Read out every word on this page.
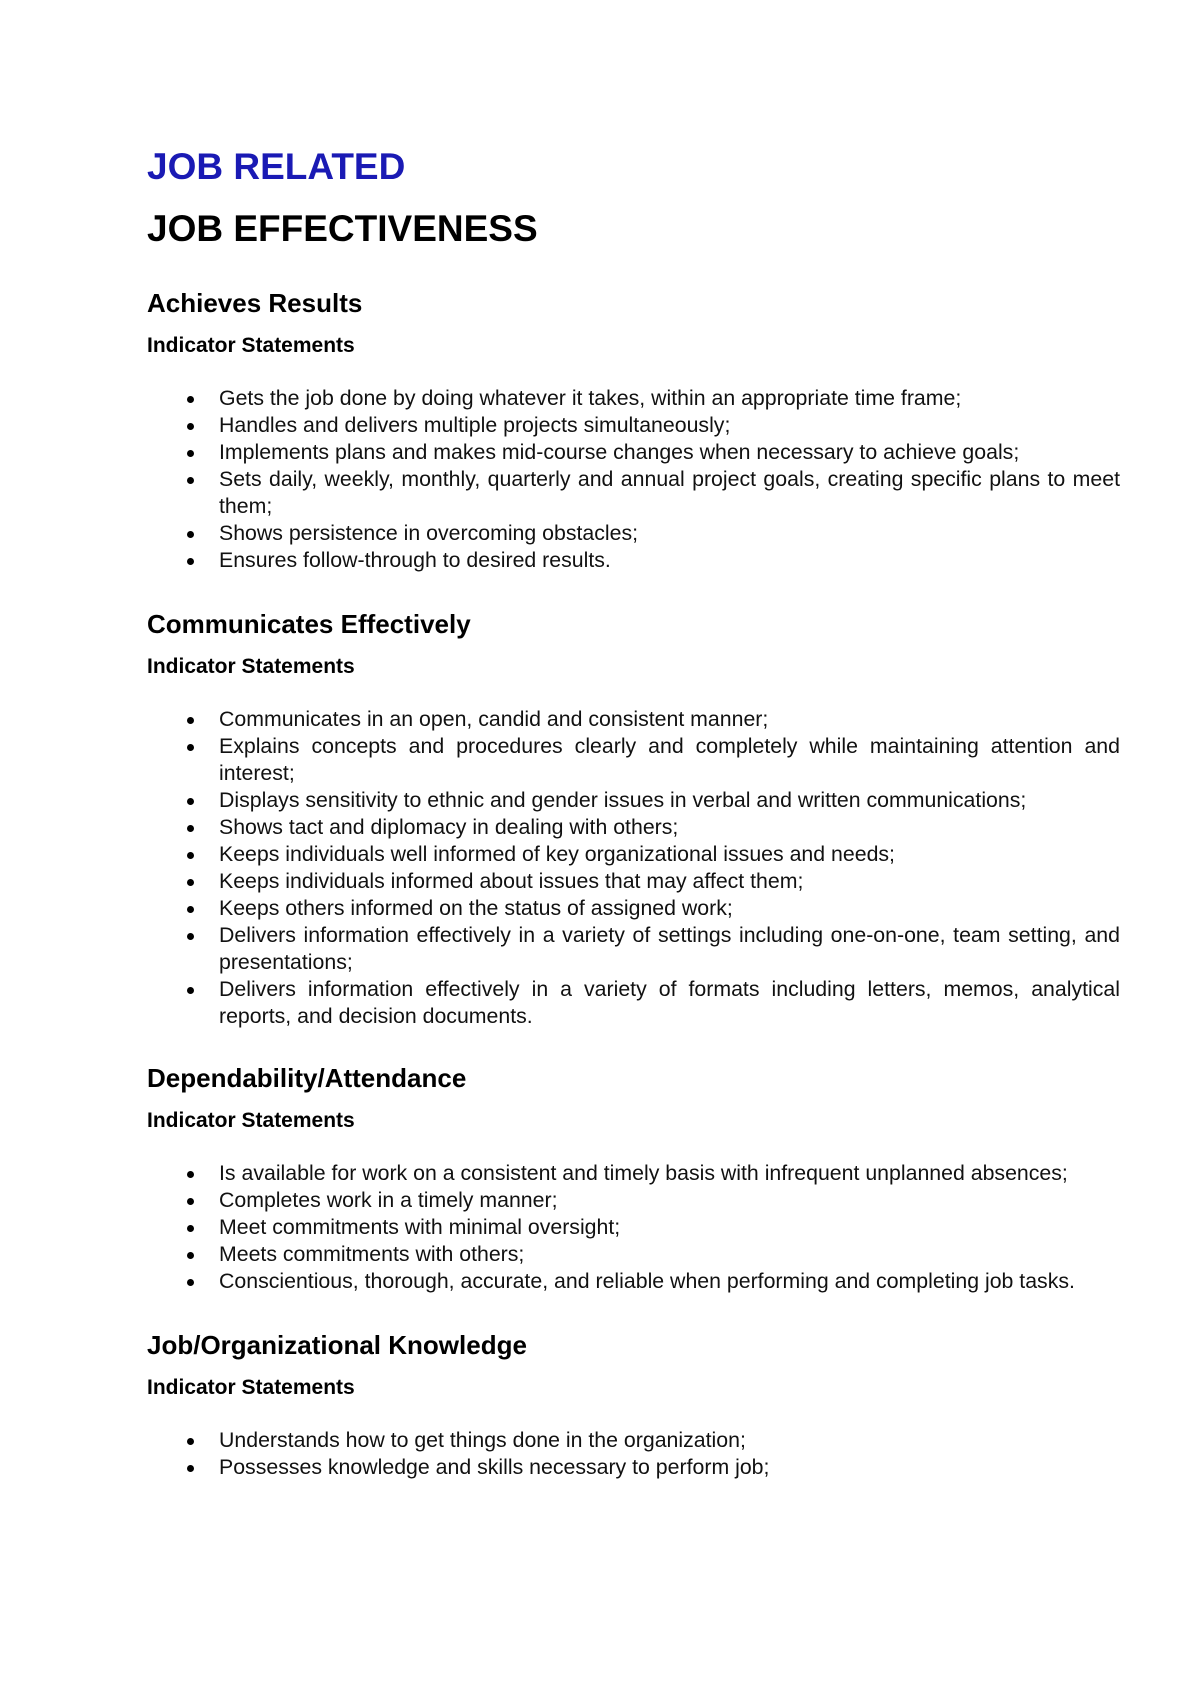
JOB RELATED
JOB EFFECTIVENESS
Achieves Results
Indicator Statements
Gets the job done by doing whatever it takes, within an appropriate time frame;
Handles and delivers multiple projects simultaneously;
Implements plans and makes mid-course changes when necessary to achieve goals;
Sets daily, weekly, monthly, quarterly and annual project goals, creating specific plans to meet them;
Shows persistence in overcoming obstacles;
Ensures follow-through to desired results.
Communicates Effectively
Indicator Statements
Communicates in an open, candid and consistent manner;
Explains concepts and procedures clearly and completely while maintaining attention and interest;
Displays sensitivity to ethnic and gender issues in verbal and written communications;
Shows tact and diplomacy in dealing with others;
Keeps individuals well informed of key organizational issues and needs;
Keeps individuals informed about issues that may affect them;
Keeps others informed on the status of assigned work;
Delivers information effectively in a variety of settings including one-on-one, team setting, and presentations;
Delivers information effectively in a variety of formats including letters, memos, analytical reports, and decision documents.
Dependability/Attendance
Indicator Statements
Is available for work on a consistent and timely basis with infrequent unplanned absences;
Completes work in a timely manner;
Meet commitments with minimal oversight;
Meets commitments with others;
Conscientious, thorough, accurate, and reliable when performing and completing job tasks.
Job/Organizational Knowledge
Indicator Statements
Understands how to get things done in the organization;
Possesses knowledge and skills necessary to perform job;
